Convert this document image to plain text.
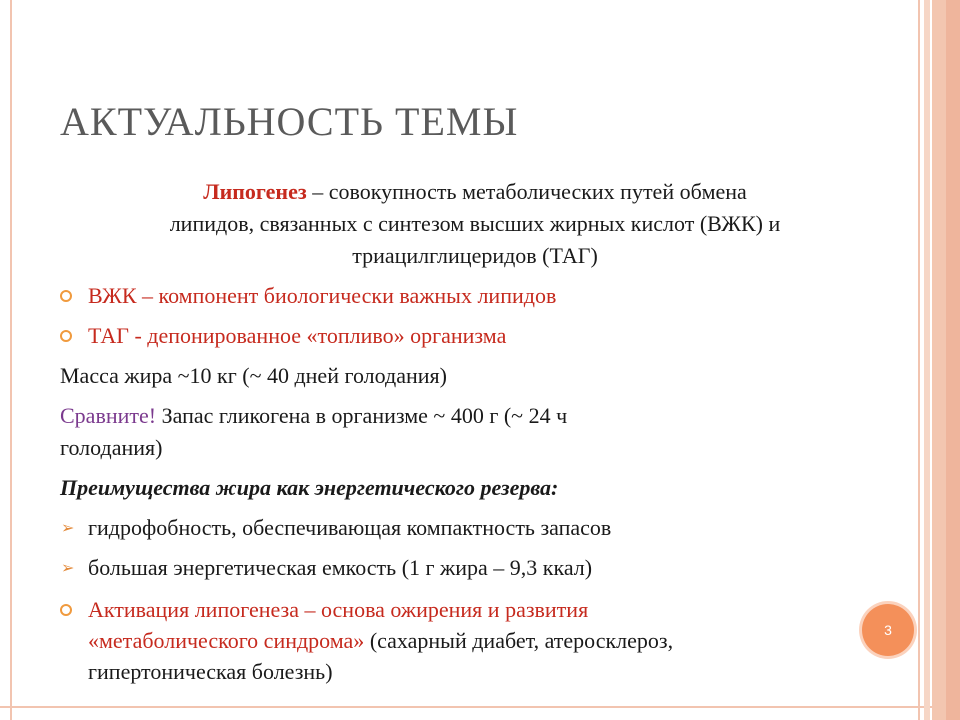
АКТУАЛЬНОСТЬ ТЕМЫ
Липогенез – совокупность метаболических путей обмена
липидов, связанных с синтезом высших жирных кислот (ВЖК) и
триацилглицеридов (ТАГ)
ВЖК – компонент биологически важных липидов
ТАГ - депонированное «топливо» организма
Масса жира ~10 кг (~ 40 дней голодания)
Сравните! Запас гликогена в организме ~ 400 г (~ 24 ч
голодания)
Преимущества жира как энергетического резерва:
➢ гидрофобность, обеспечивающая компактность запасов
➢ большая энергетическая емкость (1 г жира – 9,3 ккал)
Активация липогенеза – основа ожирения и развития
«метаболического синдрома» (сахарный диабет, атеросклероз,
гипертоническая болезнь)
3
